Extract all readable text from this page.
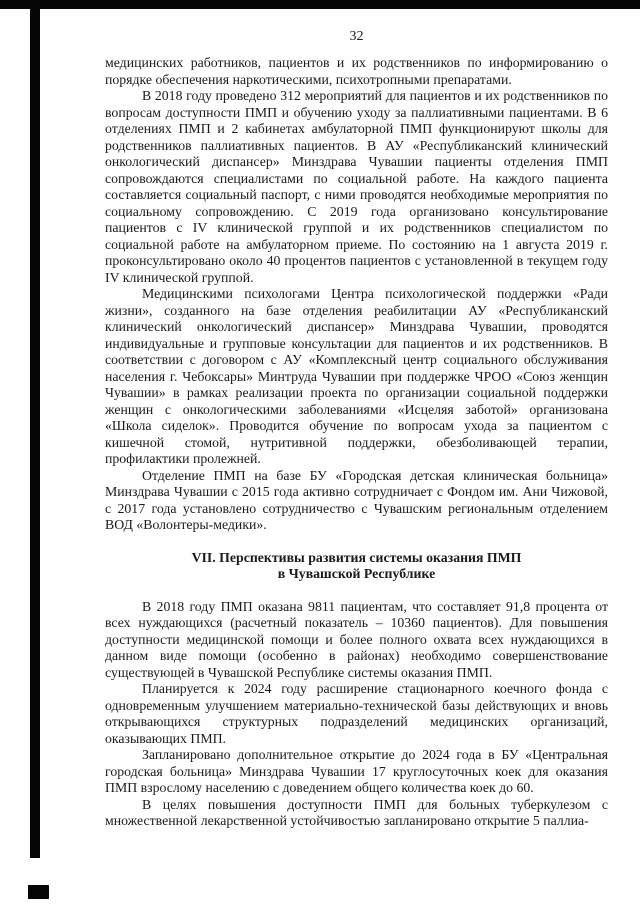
32

медицинских работников, пациентов и их родственников по информированию о порядке обеспечения наркотическими, психотропными препаратами.

В 2018 году проведено 312 мероприятий для пациентов и их родственников по вопросам доступности ПМП и обучению уходу за паллиативными пациентами. В 6 отделениях ПМП и 2 кабинетах амбулаторной ПМП функционируют школы для родственников паллиативных пациентов. В АУ «Республиканский клинический онкологический диспансер» Минздрава Чувашии пациенты отделения ПМП сопровождаются специалистами по социальной работе. На каждого пациента составляется социальный паспорт, с ними проводятся необходимые мероприятия по социальному сопровождению. С 2019 года организовано консультирование пациентов с IV клинической группой и их родственников специалистом по социальной работе на амбулаторном приеме. По состоянию на 1 августа 2019 г. проконсультировано около 40 процентов пациентов с установленной в текущем году IV клинической группой.

Медицинскими психологами Центра психологической поддержки «Ради жизни», созданного на базе отделения реабилитации АУ «Республиканский клинический онкологический диспансер» Минздрава Чувашии, проводятся индивидуальные и групповые консультации для пациентов и их родственников. В соответствии с договором с АУ «Комплексный центр социального обслуживания населения г. Чебоксары» Минтруда Чувашии при поддержке ЧРОО «Союз женщин Чувашии» в рамках реализации проекта по организации социальной поддержки женщин с онкологическими заболеваниями «Исцеляя заботой» организована «Школа сиделок». Проводится обучение по вопросам ухода за пациентом с кишечной стомой, нутритивной поддержки, обезболивающей терапии, профилактики пролежней.

Отделение ПМП на базе БУ «Городская детская клиническая больница» Минздрава Чувашии с 2015 года активно сотрудничает с Фондом им. Ани Чижовой, с 2017 года установлено сотрудничество с Чувашским региональным отделением ВОД «Волонтеры-медики».

VII. Перспективы развития системы оказания ПМП
в Чувашской Республике

В 2018 году ПМП оказана 9811 пациентам, что составляет 91,8 процента от всех нуждающихся (расчетный показатель – 10360 пациентов). Для повышения доступности медицинской помощи и более полного охвата всех нуждающихся в данном виде помощи (особенно в районах) необходимо совершенствование существующей в Чувашской Республике системы оказания ПМП.

Планируется к 2024 году расширение стационарного коечного фонда с одновременным улучшением материально-технической базы действующих и вновь открывающихся структурных подразделений медицинских организаций, оказывающих ПМП.

Запланировано дополнительное открытие до 2024 года в БУ «Центральная городская больница» Минздрава Чувашии 17 круглосуточных коек для оказания ПМП взрослому населению с доведением общего количества коек до 60.

В целях повышения доступности ПМП для больных туберкулезом с множественной лекарственной устойчивостью запланировано открытие 5 паллиа-
